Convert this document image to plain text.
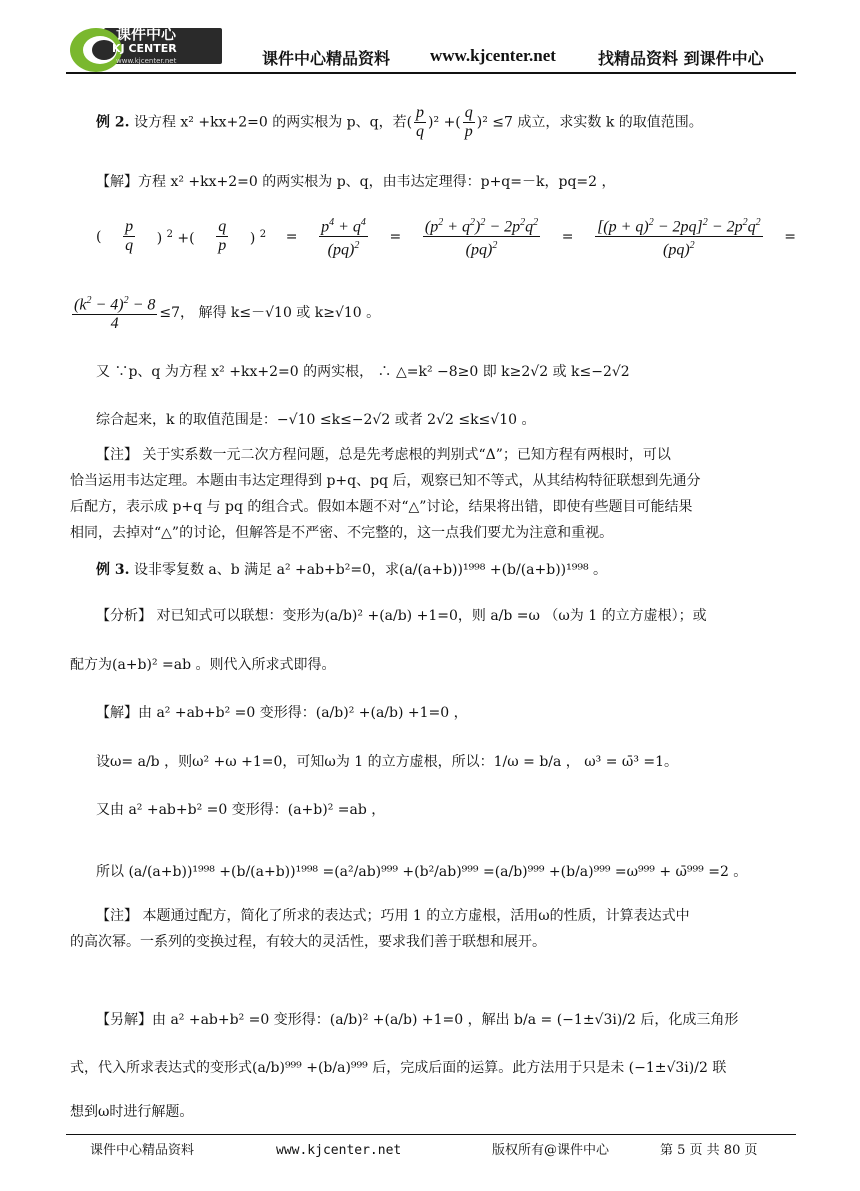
课件中心
KJ CENTER
www.kjcenter.net	课件中心精品资料 www.kjcenter.net	找精品资料 到课件中心
例 2. 设方程 x² +kx+2=0 的两实根为 p、q，若( $\frac{p}{q} )^2$ +( $\frac{q}{p} )^2 \le 7$ 成立，求实数 k 的取值范围。
【解】方程 x² +kx+2=0 的两实根为 p、q，由韦达定理得：p+q=－k，pq=2 ，
( $\frac{p}{q}$ ) $^2$ +( $\frac{q}{p}$ ) $^2 = \frac{p^4 + q^4}{(pq)^2} = \frac{(p^2 + q^2)^2 - 2p^2q^2}{(pq)^2} = \frac{[(p + q)^2 - 2pq]^2 - 2p^2q^2}{(pq)^2}$ =
$\frac{(k^2 - 4)^2 - 8}{4} \le 7$， 解得 k≤－√10 或 k≥√10 。
又 ∵p、q 为方程 x² +kx+2=0 的两实根， ∴ △=k² −8≥0 即 k≥2√2 或 k≤−2√2
综合起来，k 的取值范围是：−√10 ≤k≤−2√2 或者 2√2 ≤k≤√10 。
【注】 关于实系数一元二次方程问题，总是先考虑根的判别式“Δ”；已知方程有两根时，可以
恰当运用韦达定理。本题由韦达定理得到 p+q、pq 后，观察已知不等式，从其结构特征联想到先通分
后配方，表示成 p+q 与 pq 的组合式。假如本题不对“△”讨论，结果将出错，即使有些题目可能结果
相同，去掉对“△”的讨论，但解答是不严密、不完整的，这一点我们要尤为注意和重视。
例 3. 设非零复数 a、b 满足 a² +ab+b²=0，求(a/(a+b))¹⁹⁹⁸ +(b/(a+b))¹⁹⁹⁸ 。
【分析】 对已知式可以联想：变形为(a/b)² +(a/b) +1=0，则 a/b =ω （ω为 1 的立方虚根）；或
配方为(a+b)² =ab 。则代入所求式即得。
【解】由 a² +ab+b² =0 变形得：(a/b)² +(a/b) +1=0 ，
设ω= a/b ，则ω² +ω +1=0，可知ω为 1 的立方虚根，所以：1/ω = b/a ， ω³ = ω̄³ =1。
又由 a² +ab+b² =0 变形得：(a+b)² =ab ，
所以 (a/(a+b))¹⁹⁹⁸ +(b/(a+b))¹⁹⁹⁸ =(a²/ab)⁹⁹⁹ +(b²/ab)⁹⁹⁹ =(a/b)⁹⁹⁹ +(b/a)⁹⁹⁹ =ω⁹⁹⁹ + ω̄⁹⁹⁹ =2 。
【注】 本题通过配方，简化了所求的表达式；巧用 1 的立方虚根，活用ω的性质，计算表达式中
的高次幂。一系列的变换过程，有较大的灵活性，要求我们善于联想和展开。
【另解】由 a² +ab+b² =0 变形得：(a/b)² +(a/b) +1=0 ，解出 b/a = (−1±√3i)/2 后，化成三角形
式，代入所求表达式的变形式(a/b)⁹⁹⁹ +(b/a)⁹⁹⁹ 后，完成后面的运算。此方法用于只是未 (−1±√3i)/2 联
想到ω时进行解题。
课件中心精品资料	www.kjcenter.net	版权所有@课件中心	第 5 页 共 80 页
